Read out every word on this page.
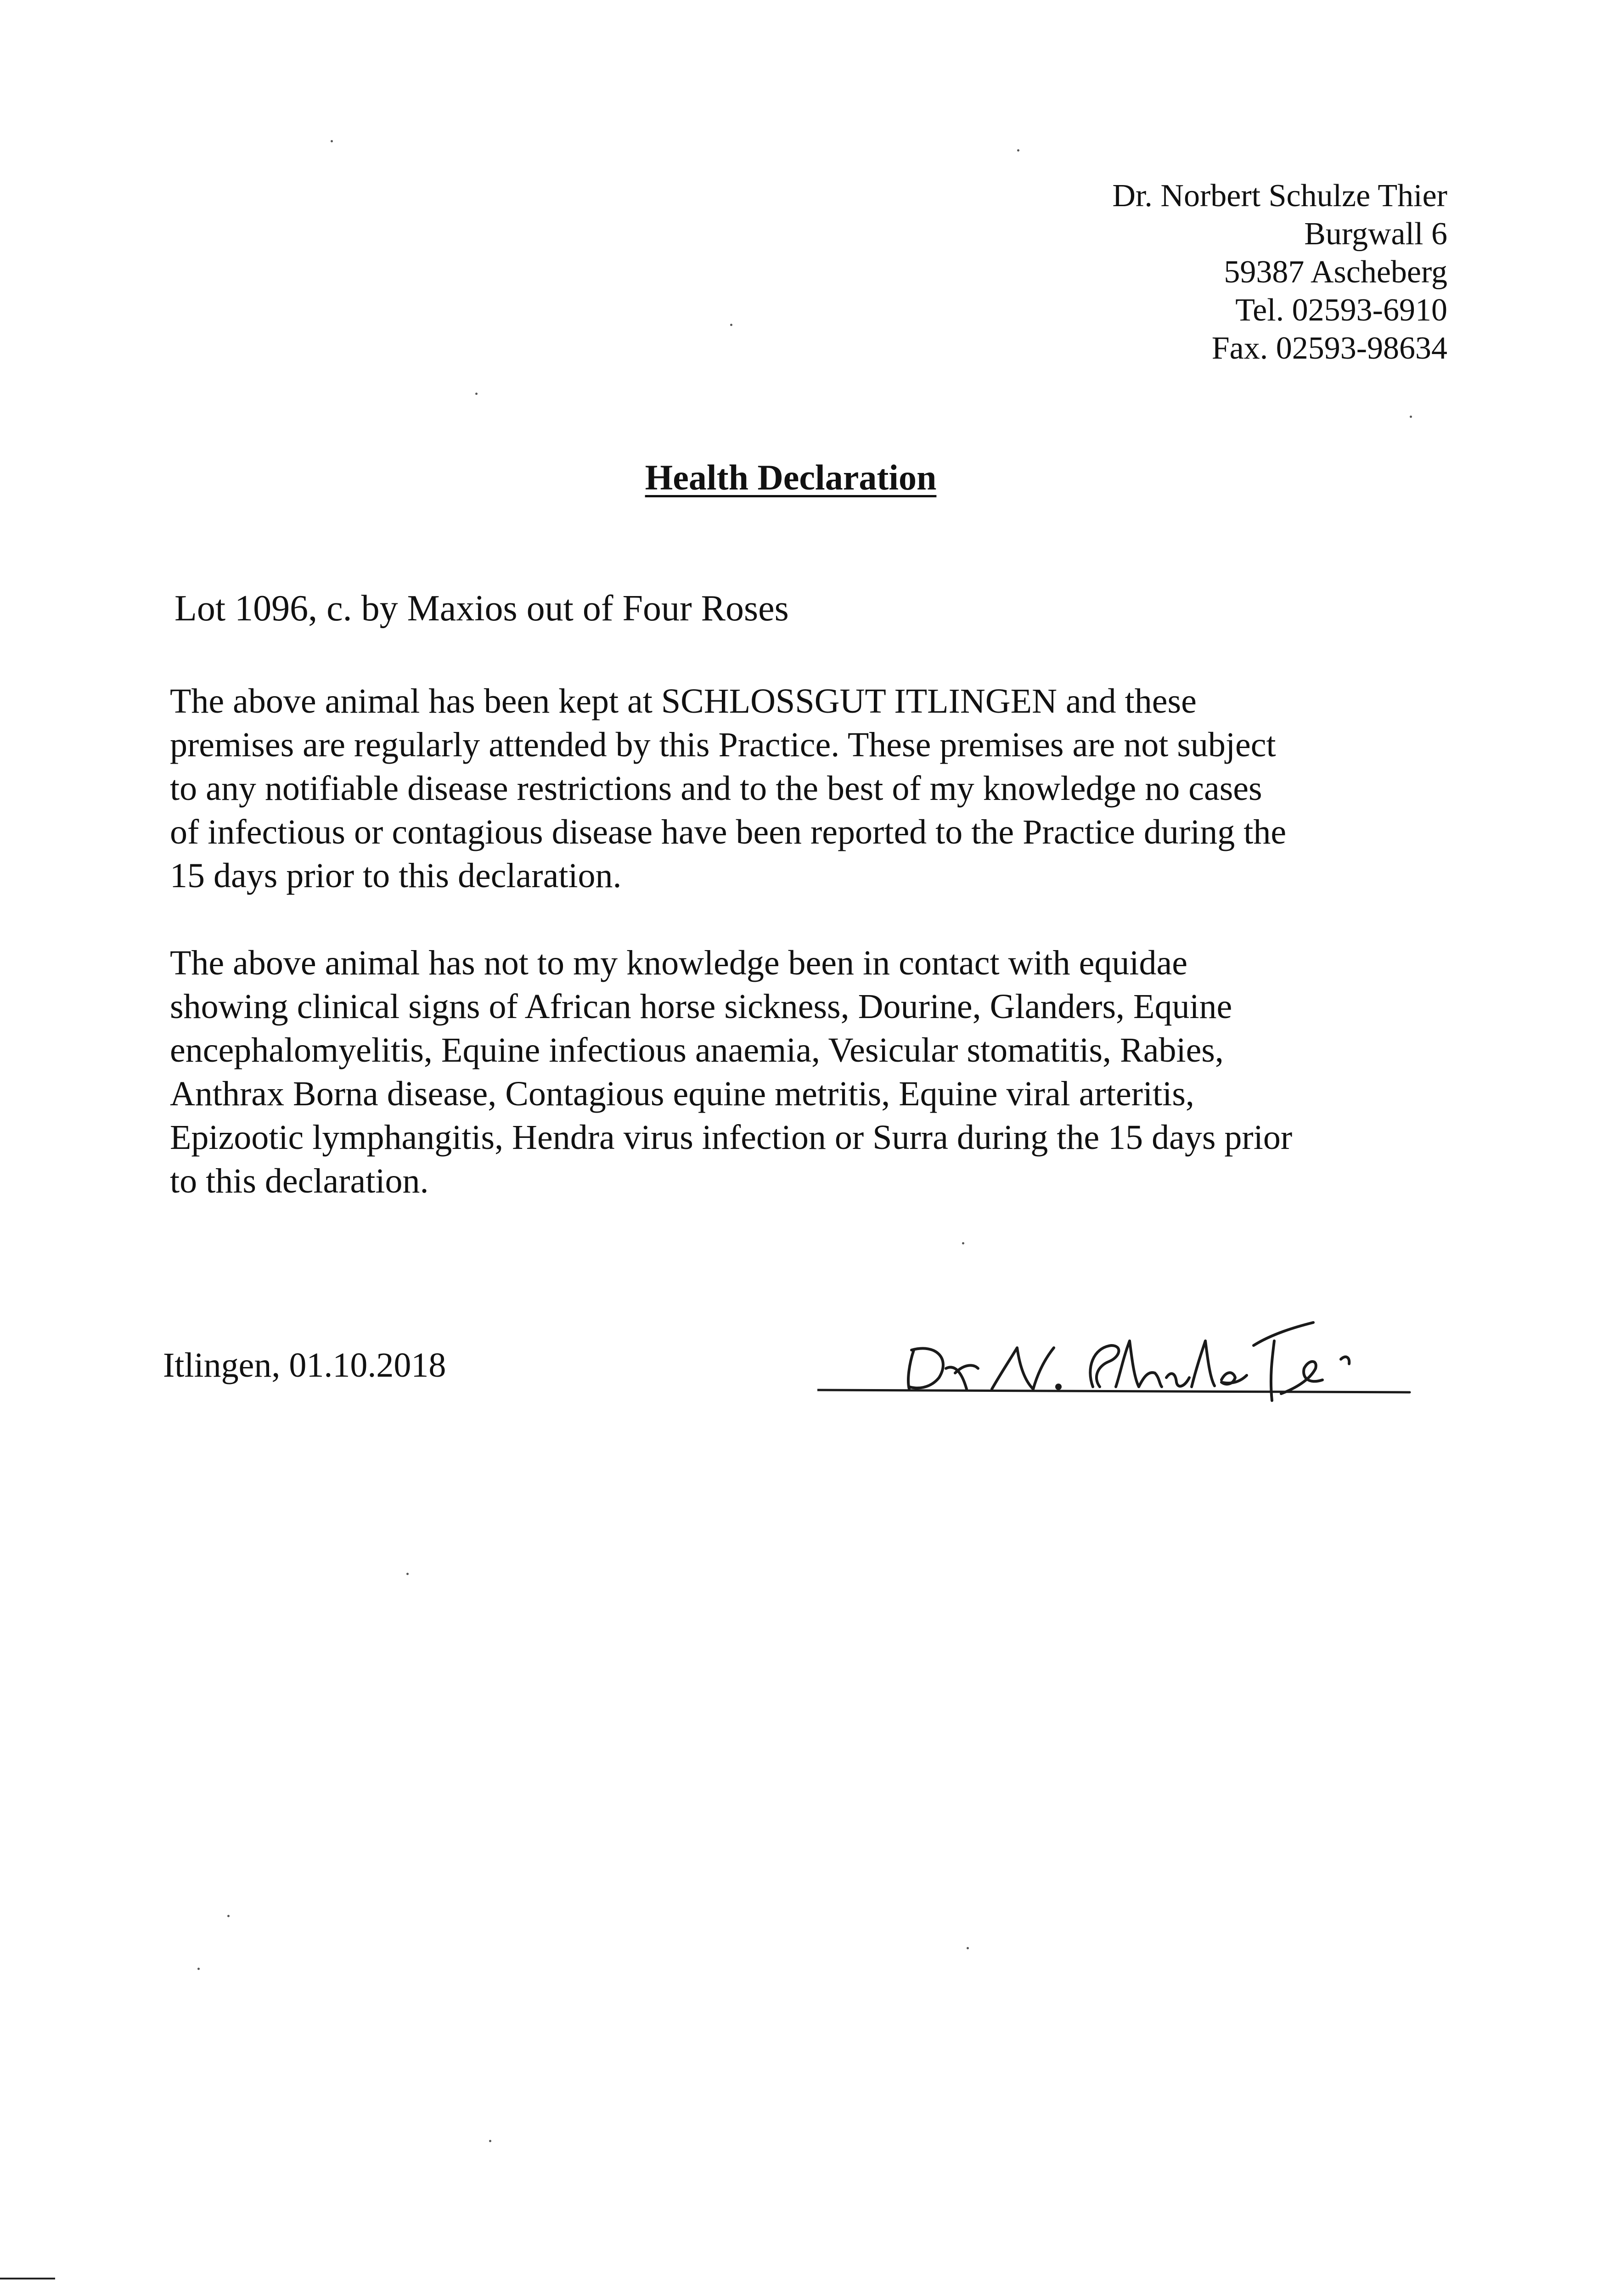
Dr. Norbert Schulze Thier
Burgwall 6
59387 Ascheberg
Tel. 02593-6910
Fax. 02593-98634
Health Declaration
Lot 1096, c. by Maxios out of Four Roses

The above animal has been kept at SCHLOSSGUT ITLINGEN and these
premises are regularly attended by this Practice. These premises are not subject
to any notifiable disease restrictions and to the best of my knowledge no cases
of infectious or contagious disease have been reported to the Practice during the
15 days prior to this declaration.

The above animal has not to my knowledge been in contact with equidae
showing clinical signs of African horse sickness, Dourine, Glanders, Equine
encephalomyelitis, Equine infectious anaemia, Vesicular stomatitis, Rabies,
Anthrax Borna disease, Contagious equine metritis, Equine viral arteritis,
Epizootic lymphangitis, Hendra virus infection or Surra during the 15 days prior
to this declaration.

Itlingen, 01.10.2018
